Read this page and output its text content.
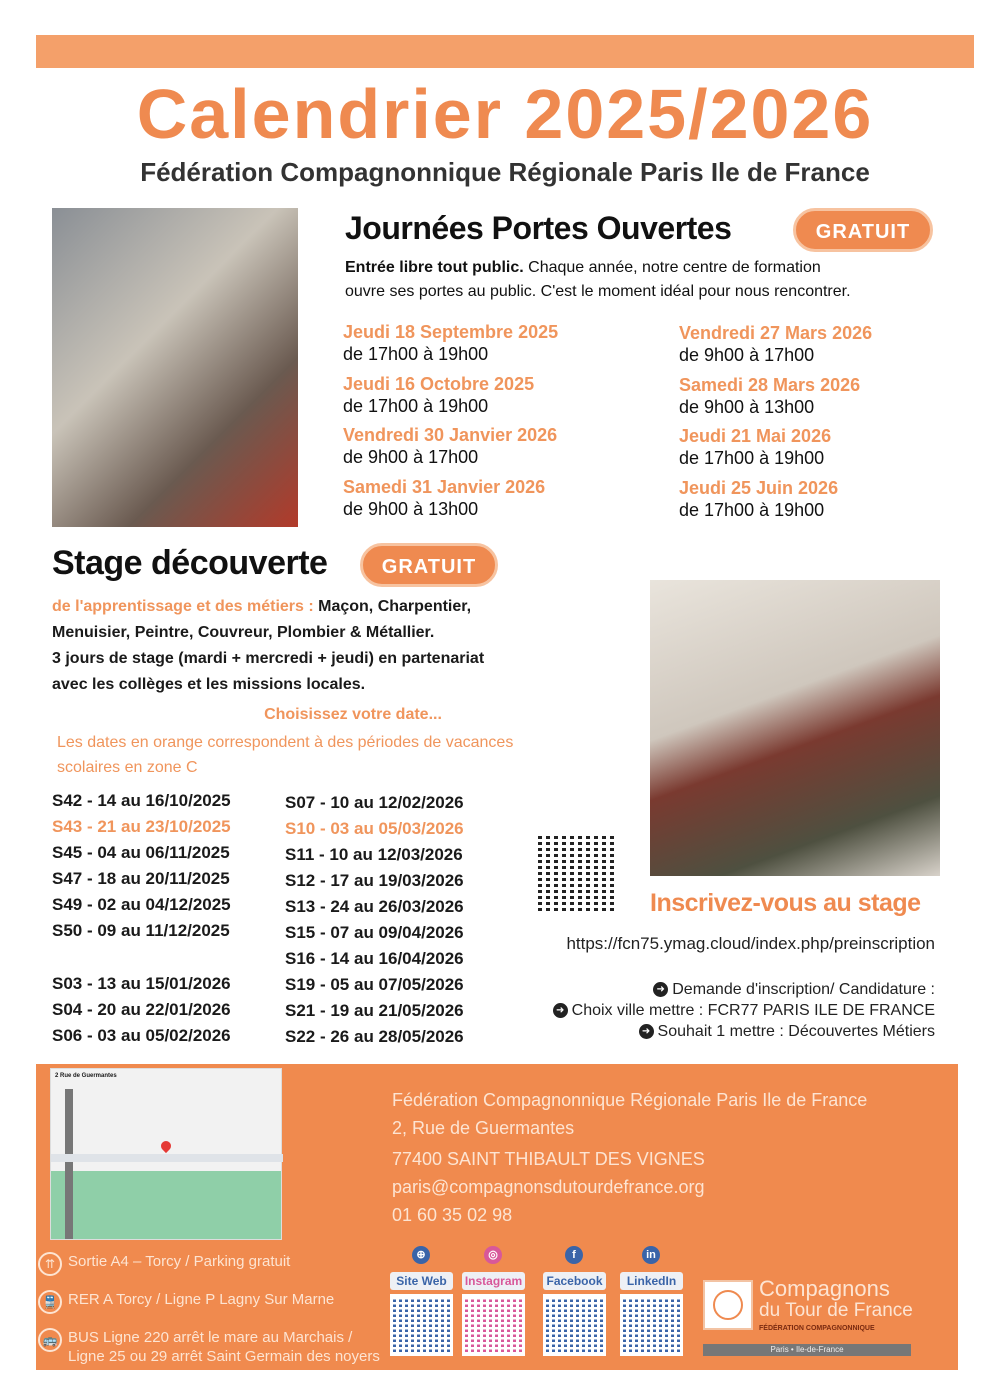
Calendrier 2025/2026
Fédération Compagnonnique Régionale Paris Ile de France
Journées Portes Ouvertes	GRATUIT
Entrée libre tout public. Chaque année, notre centre de formation
ouvre ses portes au public. C'est le moment idéal pour nous rencontrer.
Jeudi 18 Septembre 2025
de 17h00 à 19h00
Jeudi 16 Octobre 2025
de 17h00 à 19h00
Vendredi 30 Janvier 2026
de 9h00 à 17h00
Samedi 31 Janvier 2026
de 9h00 à 13h00
Vendredi 27 Mars 2026
de 9h00 à 17h00
Samedi 28 Mars 2026
de 9h00 à 13h00
Jeudi 21 Mai 2026
de 17h00 à 19h00
Jeudi 25 Juin 2026
de 17h00 à 19h00
Stage découverte	GRATUIT
de l'apprentissage et des métiers : Maçon, Charpentier,
Menuisier, Peintre, Couvreur, Plombier & Métallier.
3 jours de stage (mardi + mercredi + jeudi) en partenariat
avec les collèges et les missions locales.
Choisissez votre date...
Les dates en orange correspondent à des périodes de vacances
scolaires en zone C
S42 - 14 au 16/10/2025
S43 - 21 au 23/10/2025
S45 - 04 au 06/11/2025
S47 - 18 au 20/11/2025
S49 - 02 au 04/12/2025
S50 - 09 au 11/12/2025
S03 - 13 au 15/01/2026
S04 - 20 au 22/01/2026
S06 - 03 au 05/02/2026
S07 - 10 au 12/02/2026
S10 - 03 au 05/03/2026
S11 - 10 au 12/03/2026
S12 - 17 au 19/03/2026
S13 - 24 au 26/03/2026
S15 - 07 au 09/04/2026
S16 - 14 au 16/04/2026
S19 - 05 au 07/05/2026
S21 - 19 au 21/05/2026
S22 - 26 au 28/05/2026
Inscrivez-vous au stage
https://fcn75.ymag.cloud/index.php/preinscription
➜ Demande d'inscription/ Candidature :
➜ Choix ville mettre : FCR77 PARIS ILE DE FRANCE
➜ Souhait 1 mettre : Découvertes Métiers
2 Rue de Guermantes
Fédération Compagnonnique Régionale Paris Ile de France
2, Rue de Guermantes
77400 SAINT THIBAULT DES VIGNES
paris@compagnonsdutourdefrance.org
01 60 35 02 98
⇈ Sortie A4 – Torcy / Parking gratuit
🚆 RER A Torcy / Ligne P Lagny Sur Marne
🚌 BUS Ligne 220 arrêt le mare au Marchais /
Ligne 25 ou 29 arrêt Saint Germain des noyers
⊕
Site Web
◎
Instagram
f
Facebook
in
LinkedIn	Compagnons
du Tour de France
FÉDÉRATION COMPAGNONNIQUE
Paris • Ile-de-France
